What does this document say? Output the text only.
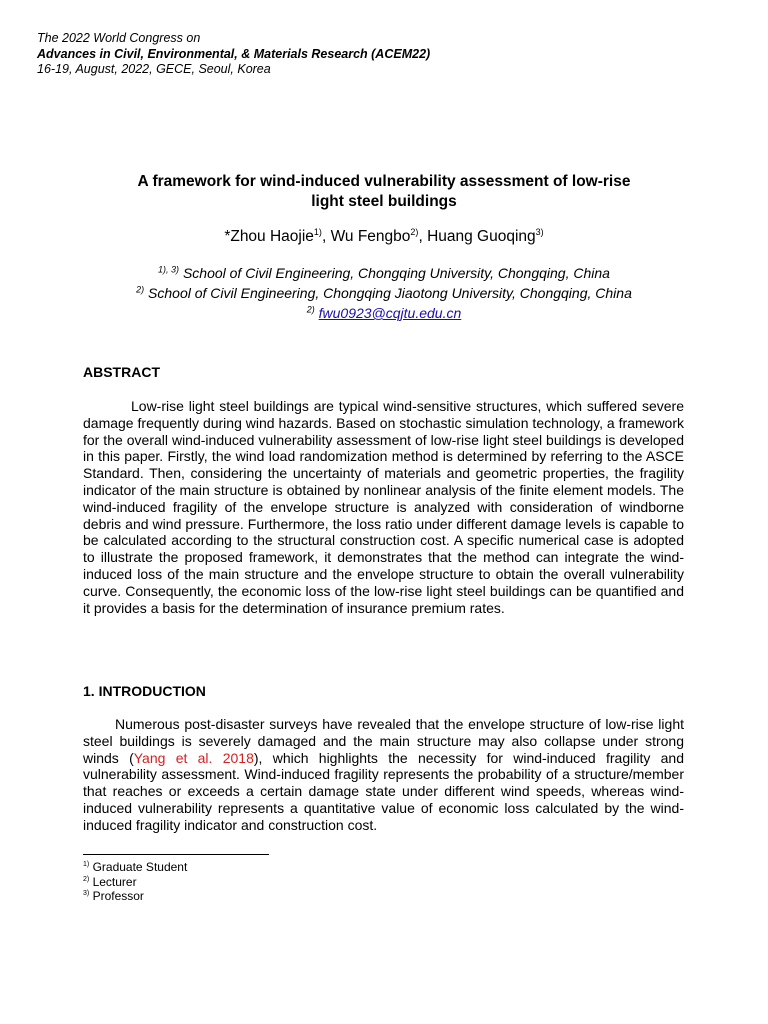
The 2022 World Congress on
Advances in Civil, Environmental, & Materials Research (ACEM22)
16-19, August, 2022, GECE, Seoul, Korea
A framework for wind-induced vulnerability assessment of low-rise
light steel buildings
*Zhou Haojie$^{1)}$, Wu Fengbo$^{2)}$, Huang Guoqing$^{3)}$
$^{1), 3)}$ School of Civil Engineering, Chongqing University, Chongqing, China
$^{2)}$ School of Civil Engineering, Chongqing Jiaotong University, Chongqing, China
$^{2)}$ fwu0923@cqjtu.edu.cn
ABSTRACT
Low-rise light steel buildings are typical wind-sensitive structures, which suffered severe damage frequently during wind hazards. Based on stochastic simulation technology, a framework for the overall wind-induced vulnerability assessment of low-rise light steel buildings is developed in this paper. Firstly, the wind load randomization method is determined by referring to the ASCE Standard. Then, considering the uncertainty of materials and geometric properties, the fragility indicator of the main structure is obtained by nonlinear analysis of the finite element models. The wind-induced fragility of the envelope structure is analyzed with consideration of windborne debris and wind pressure. Furthermore, the loss ratio under different damage levels is capable to be calculated according to the structural construction cost. A specific numerical case is adopted to illustrate the proposed framework, it demonstrates that the method can integrate the wind-induced loss of the main structure and the envelope structure to obtain the overall vulnerability curve. Consequently, the economic loss of the low-rise light steel buildings can be quantified and it provides a basis for the determination of insurance premium rates.
1. INTRODUCTION
Numerous post-disaster surveys have revealed that the envelope structure of low-rise light steel buildings is severely damaged and the main structure may also collapse under strong winds (Yang et al. 2018), which highlights the necessity for wind-induced fragility and vulnerability assessment. Wind-induced fragility represents the probability of a structure/member that reaches or exceeds a certain damage state under different wind speeds, whereas wind-induced vulnerability represents a quantitative value of economic loss calculated by the wind-induced fragility indicator and construction cost.
$^{1)}$ Graduate Student
$^{2)}$ Lecturer
$^{3)}$ Professor
